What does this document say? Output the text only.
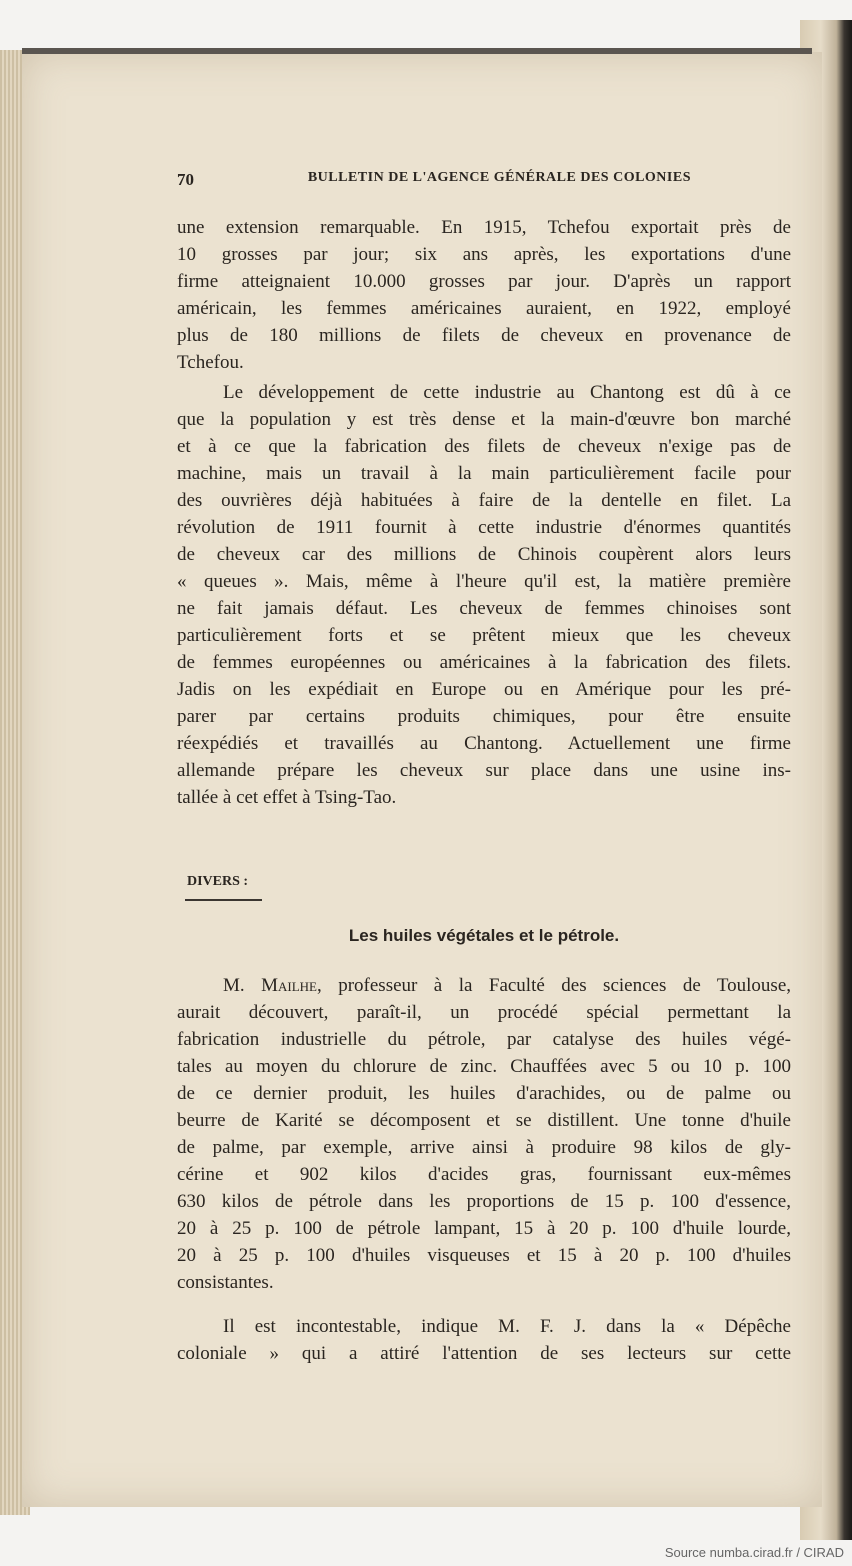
70	BULLETIN DE L'AGENCE GÉNÉRALE DES COLONIES
une extension remarquable. En 1915, Tchefou exportait près de
10 grosses par jour; six ans après, les exportations d'une
firme atteignaient 10.000 grosses par jour. D'après un rapport
américain, les femmes américaines auraient, en 1922, employé
plus de 180 millions de filets de cheveux en provenance de
Tchefou.
Le développement de cette industrie au Chantong est dû à ce
que la population y est très dense et la main-d'œuvre bon marché
et à ce que la fabrication des filets de cheveux n'exige pas de
machine, mais un travail à la main particulièrement facile pour
des ouvrières déjà habituées à faire de la dentelle en filet. La
révolution de 1911 fournit à cette industrie d'énormes quantités
de cheveux car des millions de Chinois coupèrent alors leurs
« queues ». Mais, même à l'heure qu'il est, la matière première
ne fait jamais défaut. Les cheveux de femmes chinoises sont
particulièrement forts et se prêtent mieux que les cheveux
de femmes européennes ou américaines à la fabrication des filets.
Jadis on les expédiait en Europe ou en Amérique pour les pré-
parer par certains produits chimiques, pour être ensuite
réexpédiés et travaillés au Chantong. Actuellement une firme
allemande prépare les cheveux sur place dans une usine ins-
tallée à cet effet à Tsing-Tao.
DIVERS :
Les huiles végétales et le pétrole.
M. Mailhe, professeur à la Faculté des sciences de Toulouse,
aurait découvert, paraît-il, un procédé spécial permettant la
fabrication industrielle du pétrole, par catalyse des huiles végé-
tales au moyen du chlorure de zinc. Chauffées avec 5 ou 10 p. 100
de ce dernier produit, les huiles d'arachides, ou de palme ou
beurre de Karité se décomposent et se distillent. Une tonne d'huile
de palme, par exemple, arrive ainsi à produire 98 kilos de gly-
cérine et 902 kilos d'acides gras, fournissant eux-mêmes
630 kilos de pétrole dans les proportions de 15 p. 100 d'essence,
20 à 25 p. 100 de pétrole lampant, 15 à 20 p. 100 d'huile lourde,
20 à 25 p. 100 d'huiles visqueuses et 15 à 20 p. 100 d'huiles
consistantes.
Il est incontestable, indique M. F. J. dans la « Dépêche
coloniale » qui a attiré l'attention de ses lecteurs sur cette
Source numba.cirad.fr / CIRAD
